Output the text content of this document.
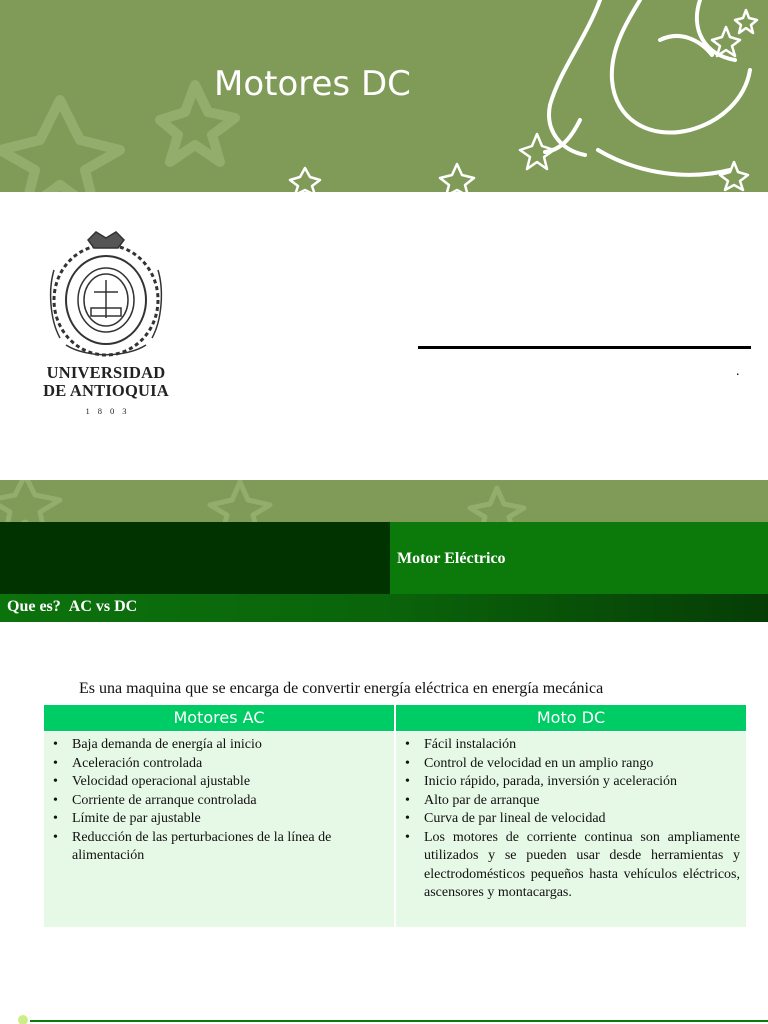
Motores DC
UNIVERSIDAD
DE ANTIOQUIA
1803
.
Motor Eléctrico
Que es? AC vs DC
Es una maquina que se encarga de convertir energía eléctrica en energía mecánica
Motores AC
• Baja demanda de energía al inicio
• Aceleración controlada
• Velocidad operacional ajustable
• Corriente de arranque controlada
• Límite de par ajustable
• Reducción de las perturbaciones de la línea de alimentación
Moto DC
• Fácil instalación
• Control de velocidad en un amplio rango
• Inicio rápido, parada, inversión y aceleración
• Alto par de arranque
• Curva de par lineal de velocidad
• Los motores de corriente continua son ampliamente utilizados y se pueden usar desde herramientas y electrodomésticos pequeños hasta vehículos eléctricos, ascensores y montacargas.
